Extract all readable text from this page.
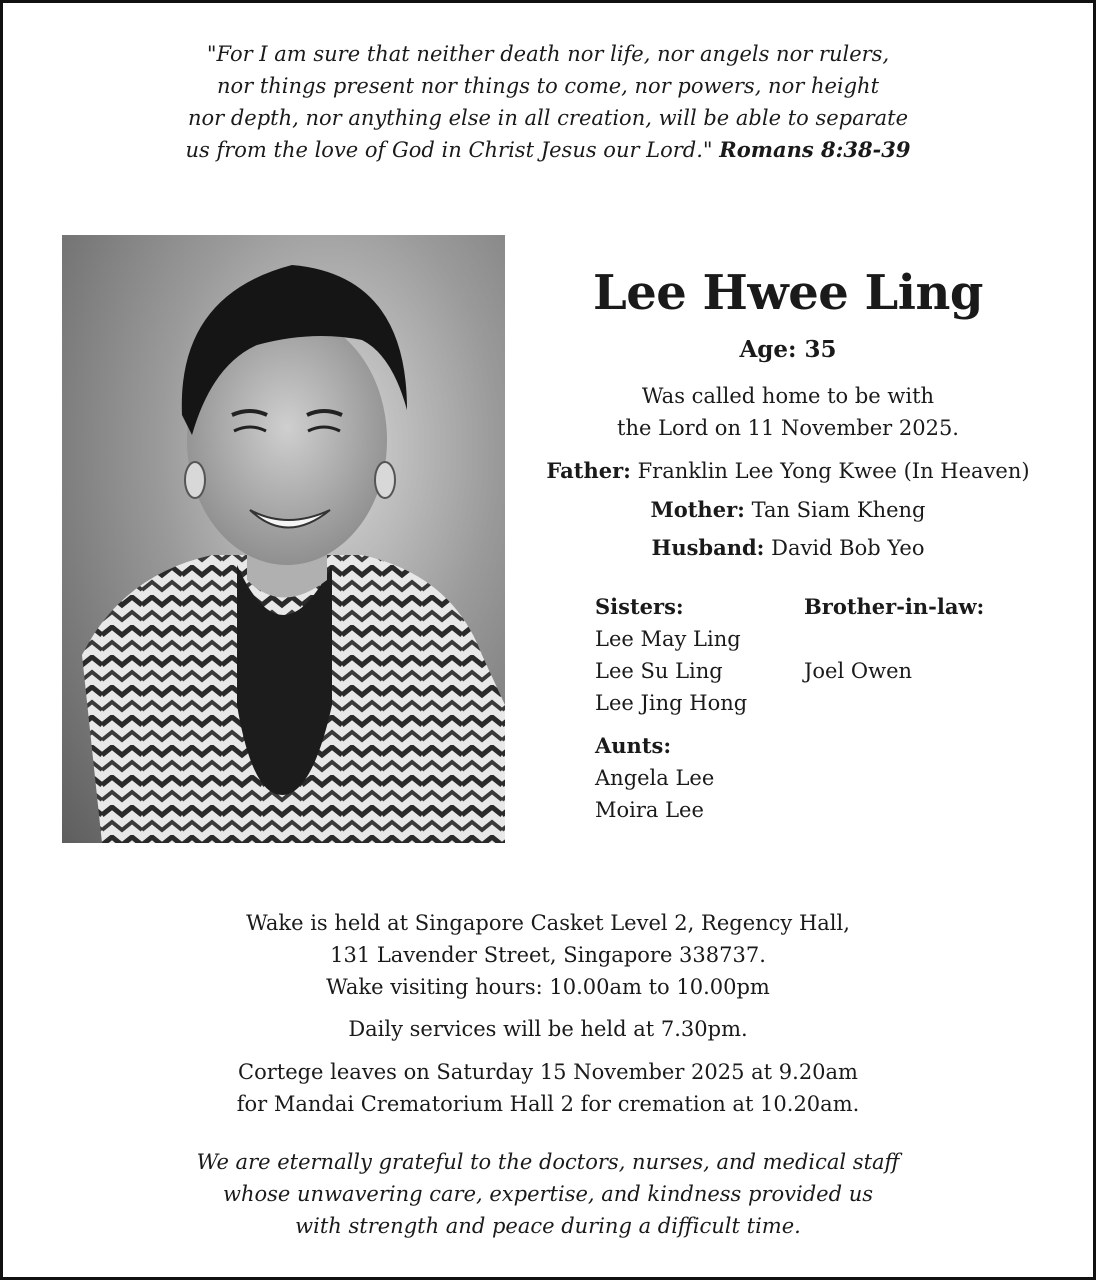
"For I am sure that neither death nor life, nor angels nor rulers,
nor things present nor things to come, nor powers, nor height
nor depth, nor anything else in all creation, will be able to separate
us from the love of God in Christ Jesus our Lord." Romans 8:38-39
Lee Hwee Ling
Age: 35
Was called home to be with
the Lord on 11 November 2025.
Father: Franklin Lee Yong Kwee (In Heaven)
Mother: Tan Siam Kheng
Husband: David Bob Yeo
Sisters:
Lee May Ling
Lee Su Ling
Lee Jing Hong
Brother-in-law:

Joel Owen
Aunts:
Angela Lee
Moira Lee
Wake is held at Singapore Casket Level 2, Regency Hall,
131 Lavender Street, Singapore 338737.
Wake visiting hours: 10.00am to 10.00pm
Daily services will be held at 7.30pm.
Cortege leaves on Saturday 15 November 2025 at 9.20am
for Mandai Crematorium Hall 2 for cremation at 10.20am.
We are eternally grateful to the doctors, nurses, and medical staff
whose unwavering care, expertise, and kindness provided us
with strength and peace during a difficult time.
